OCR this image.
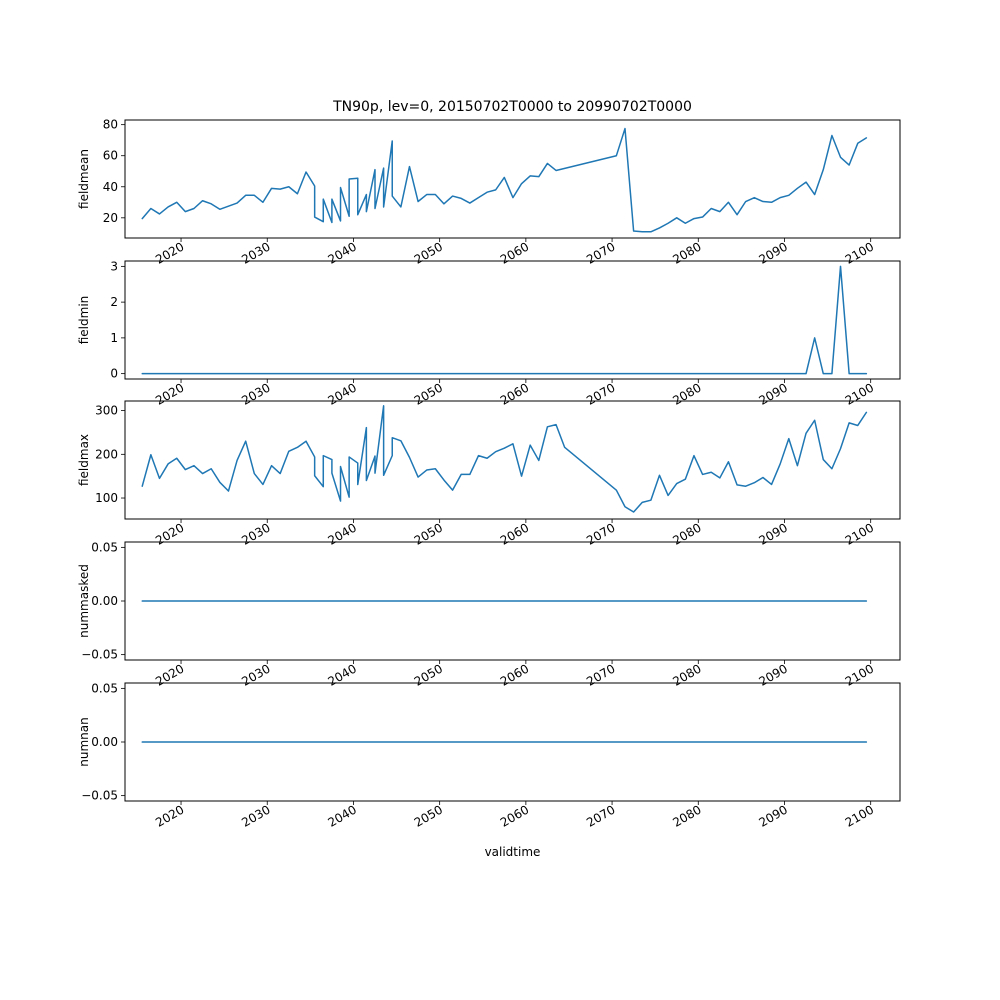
TN90p, lev=0, 20150702T0000 to 20990702T0000
20
40
60
80
2020	2030	2040	2050	2060	2070	2080	2090	2100
fieldmean
0
1
2
3
2020	2030	2040	2050	2060	2070	2080	2090	2100
fieldmin
100
200
300
2020	2030	2040	2050	2060	2070	2080	2090	2100
fieldmax
−0.05
0.00
0.05
2020	2030	2040	2050	2060	2070	2080	2090	2100
nummasked
−0.05
0.00
0.05
2020	2030	2040	2050	2060	2070	2080	2090	2100
numnan
validtime
